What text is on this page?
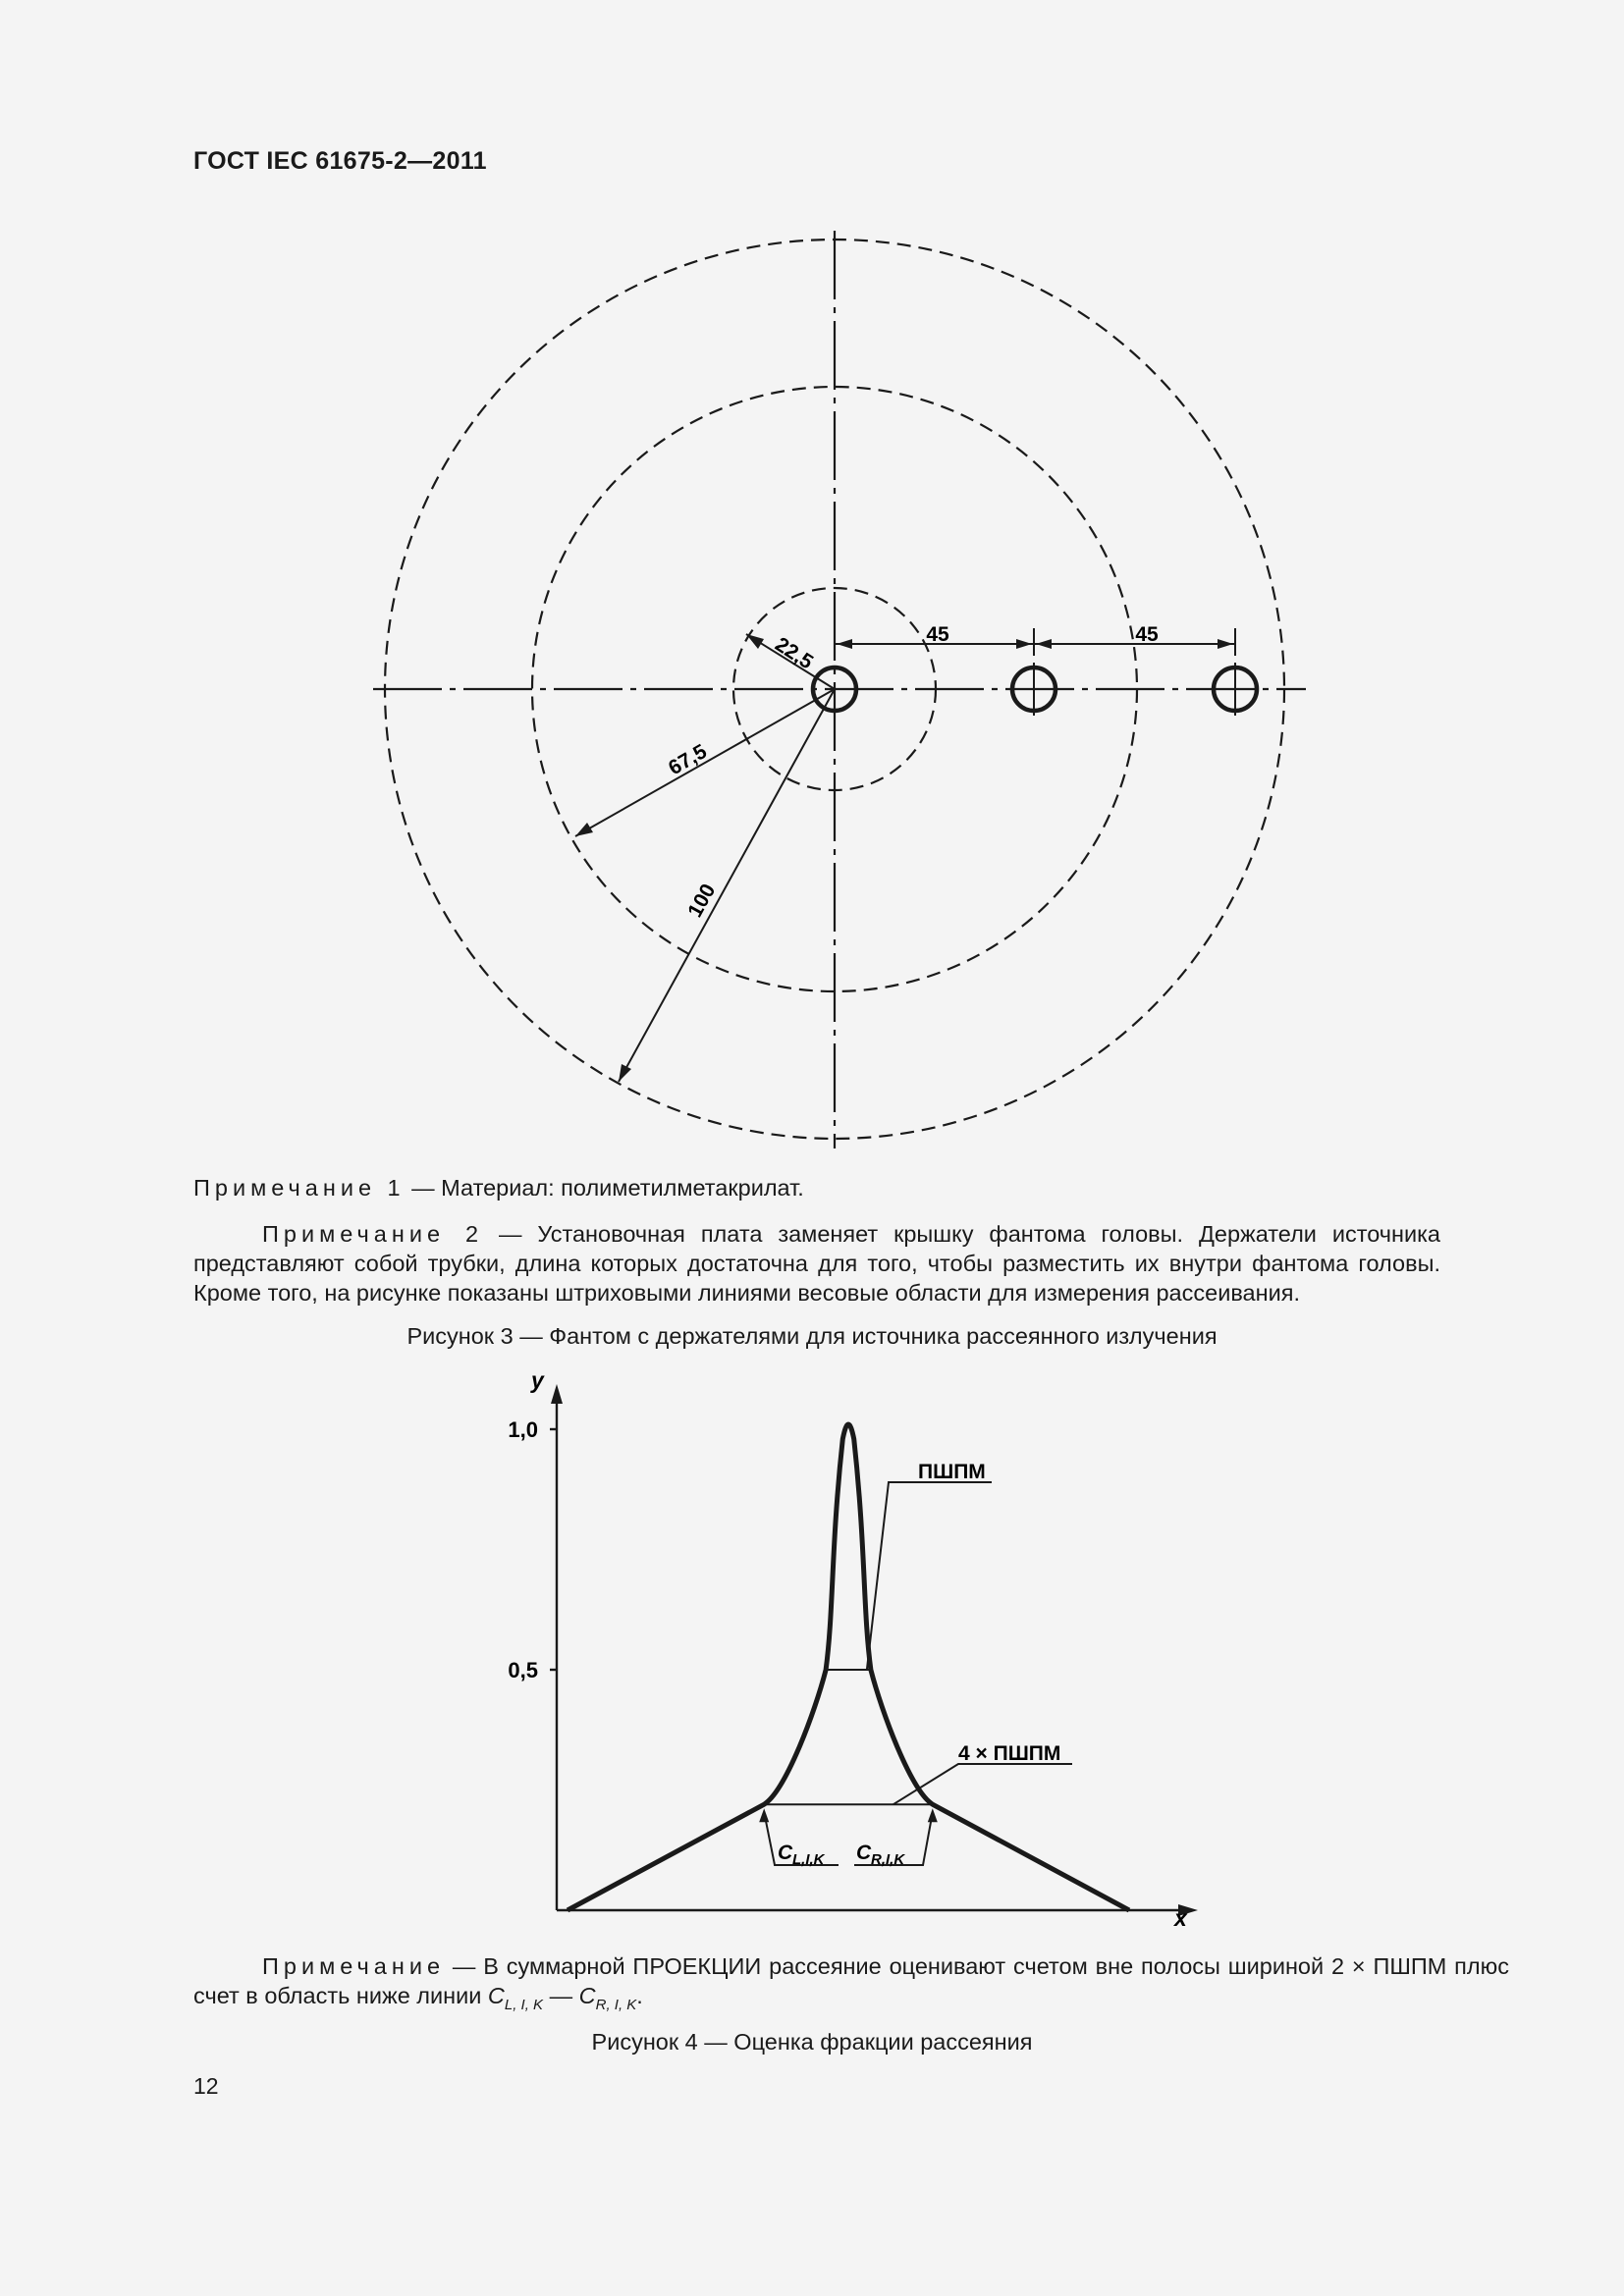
ГОСТ IEC 61675-2—2011
45	45
22,5
67,5
100
Примечание 1 — Материал: полиметилметакрилат.
Примечание 2 — Установочная плата заменяет крышку фантома головы. Держатели источника представляют собой трубки, длина которых достаточна для того, чтобы разместить их внутри фантома головы. Кроме того, на рисунке показаны штриховыми линиями весовые области для измерения рассеивания.
Рисунок 3 — Фантом с держателями для источника рассеянного излучения
y
x
1,0
0,5
ПШПМ
4 × ПШПМ
C L,I,K C R,I,K
Примечание — В суммарной ПРОЕКЦИИ рассеяние оценивают счетом вне полосы шириной 2 × ПШПМ плюс счет в область ниже линии $C_{L, I, K}$ — $C_{R, I, K}$.
Рисунок 4 — Оценка фракции рассеяния
12
